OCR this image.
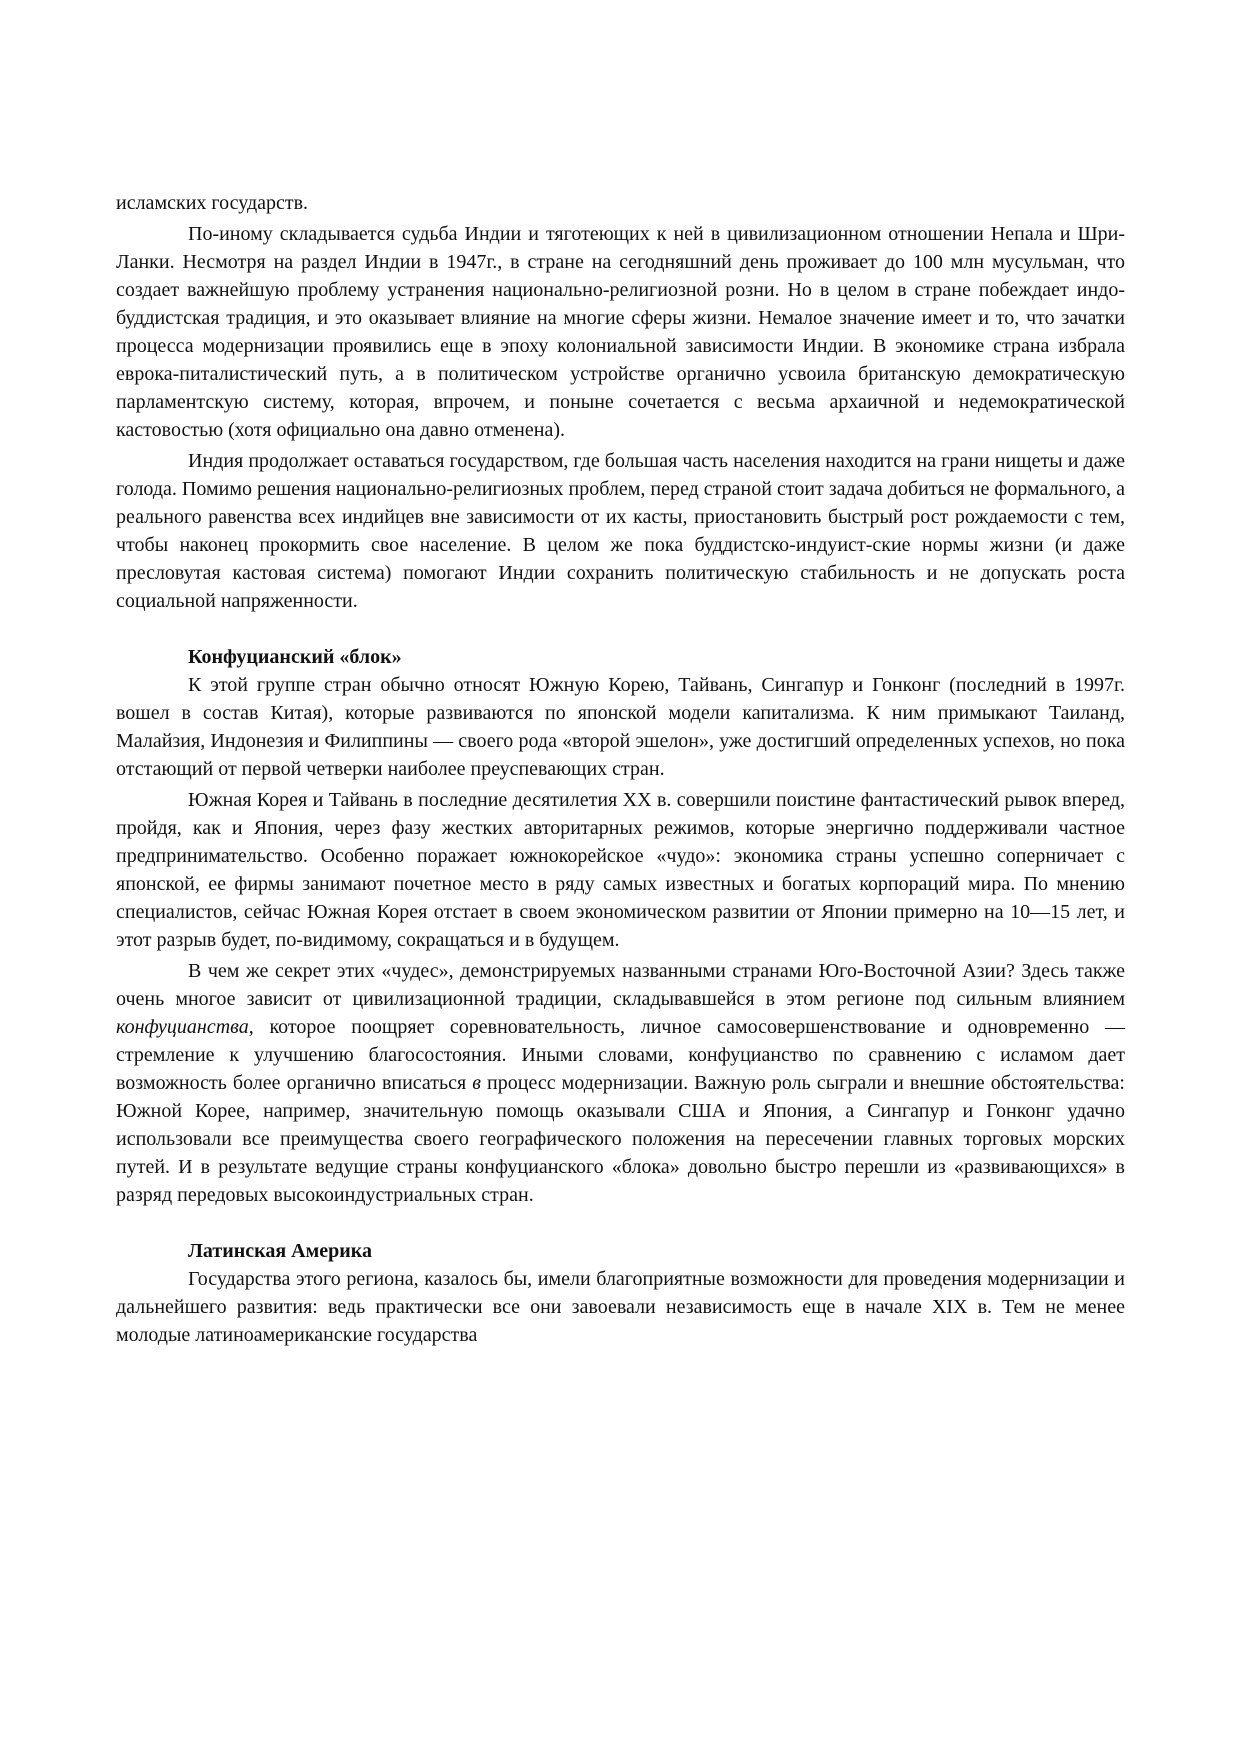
исламских государств.

По-иному складывается судьба Индии и тяготеющих к ней в цивилизационном отношении Непала и Шри-Ланки. Несмотря на раздел Индии в 1947г., в стране на сегодняшний день проживает до 100 млн мусульман, что создает важнейшую проблему устранения национально-религиозной розни. Но в целом в стране побеждает индо-буддистская традиция, и это оказывает влияние на многие сферы жизни. Немалое значение имеет и то, что зачатки процесса модернизации проявились еще в эпоху колониальной зависимости Индии. В экономике страна избрала еврока-питалистический путь, а в политическом устройстве органично усвоила британскую демократическую парламентскую систему, которая, впрочем, и поныне сочетается с весьма архаичной и недемократической кастовостью (хотя официально она давно отменена).

Индия продолжает оставаться государством, где большая часть населения находится на грани нищеты и даже голода. Помимо решения национально-религиозных проблем, перед страной стоит задача добиться не формального, а реального равенства всех индийцев вне зависимости от их касты, приостановить быстрый рост рождаемости с тем, чтобы наконец прокормить свое население. В целом же пока буддистско-индуист-ские нормы жизни (и даже пресловутая кастовая система) помогают Индии сохранить политическую стабильность и не допускать роста социальной напряженности.

Конфуцианский «блок»

К этой группе стран обычно относят Южную Корею, Тайвань, Сингапур и Гонконг (последний в 1997г. вошел в состав Китая), которые развиваются по японской модели капитализма. К ним примыкают Таиланд, Малайзия, Индонезия и Филиппины — своего рода «второй эшелон», уже достигший определенных успехов, но пока отстающий от первой четверки наиболее преуспевающих стран.

Южная Корея и Тайвань в последние десятилетия XX в. совершили поистине фантастический рывок вперед, пройдя, как и Япония, через фазу жестких авторитарных режимов, которые энергично поддерживали частное предпринимательство. Особенно поражает южнокорейское «чудо»: экономика страны успешно соперничает с японской, ее фирмы занимают почетное место в ряду самых известных и богатых корпораций мира. По мнению специалистов, сейчас Южная Корея отстает в своем экономическом развитии от Японии примерно на 10—15 лет, и этот разрыв будет, по-видимому, сокращаться и в будущем.

В чем же секрет этих «чудес», демонстрируемых названными странами Юго-Восточной Азии? Здесь также очень многое зависит от цивилизационной традиции, складывавшейся в этом регионе под сильным влиянием конфуцианства, которое поощряет соревновательность, личное самосовершенствование и одновременно — стремление к улучшению благосостояния. Иными словами, конфуцианство по сравнению с исламом дает возможность более органично вписаться в процесс модернизации. Важную роль сыграли и внешние обстоятельства: Южной Корее, например, значительную помощь оказывали США и Япония, а Сингапур и Гонконг удачно использовали все преимущества своего географического положения на пересечении главных торговых морских путей. И в результате ведущие страны конфуцианского «блока» довольно быстро перешли из «развивающихся» в разряд передовых высокоиндустриальных стран.

Латинская Америка

Государства этого региона, казалось бы, имели благоприятные возможности для проведения модернизации и дальнейшего развития: ведь практически все они завоевали независимость еще в начале XIX в. Тем не менее молодые латиноамериканские государства
